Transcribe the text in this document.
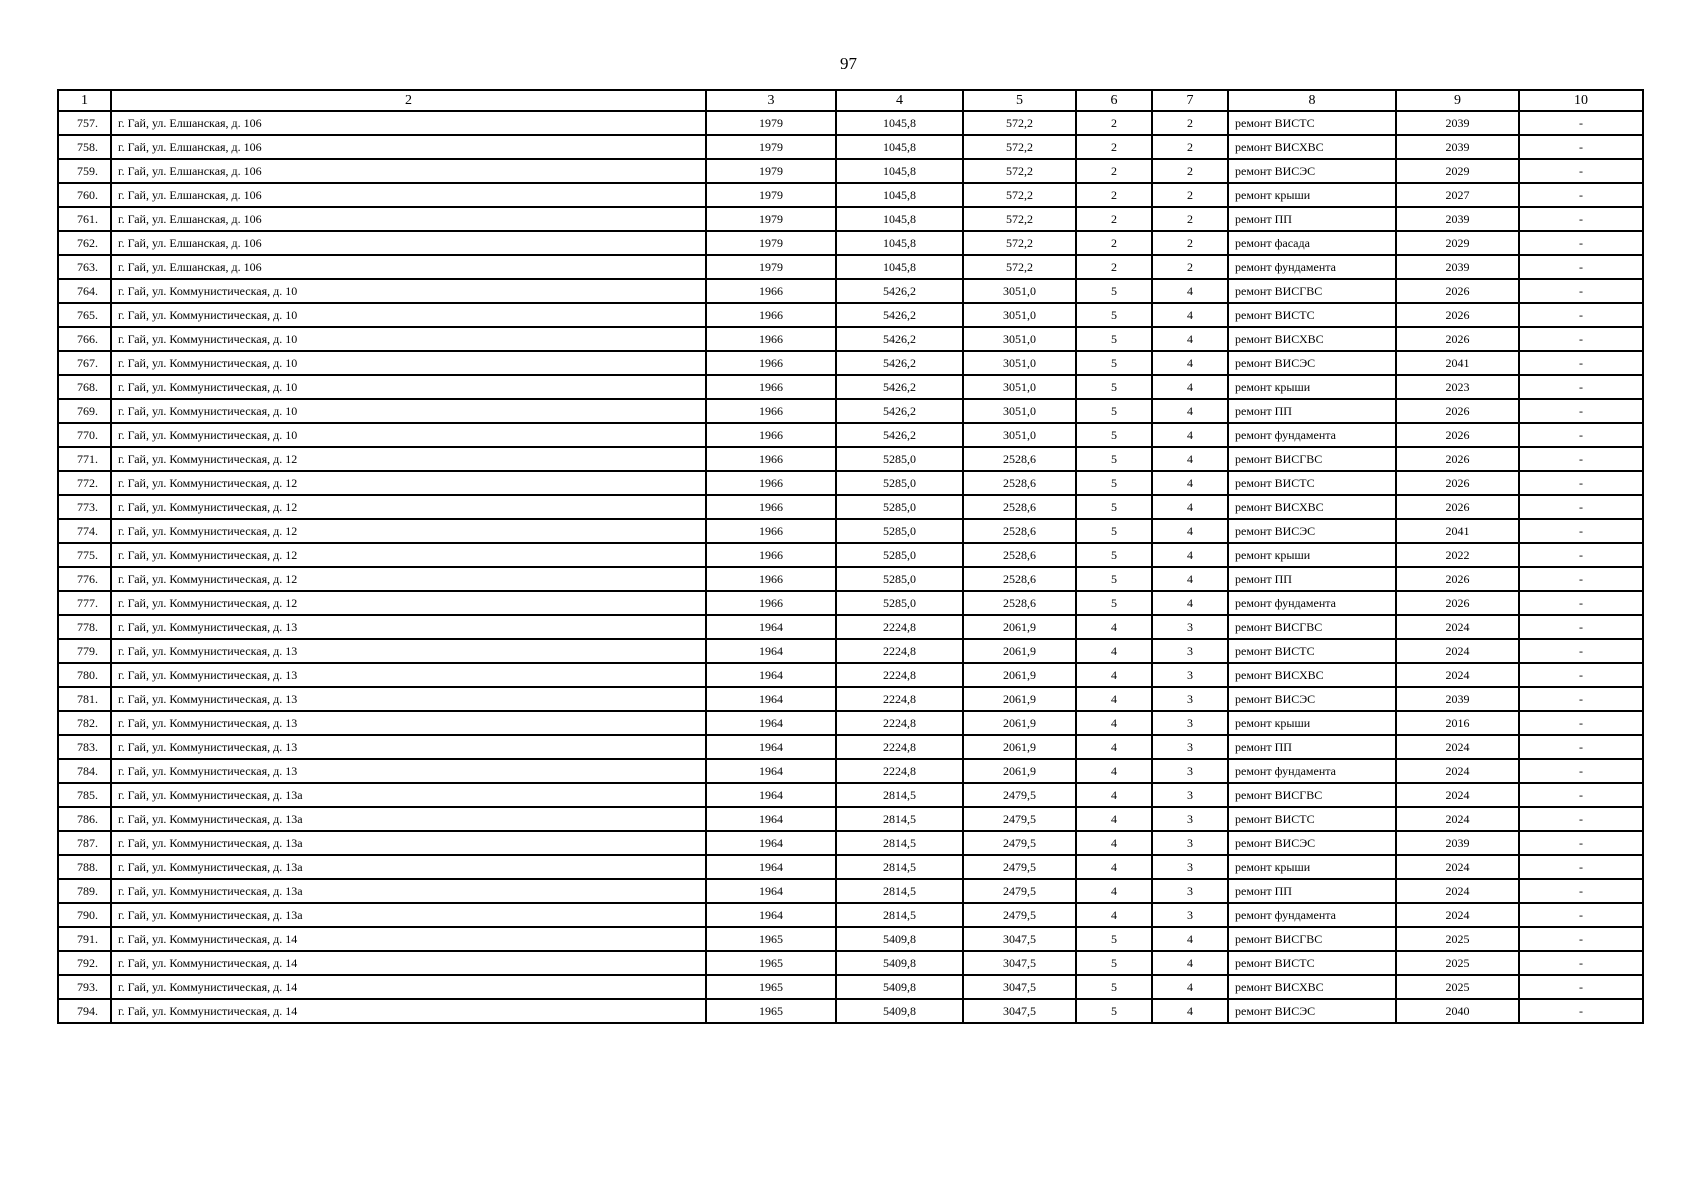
97
1	2	3	4	5	6	7	8	9	10
757.	г. Гай, ул. Елшанская, д. 106	1979	1045,8	572,2	2	2	ремонт ВИСТС	2039	-
758.	г. Гай, ул. Елшанская, д. 106	1979	1045,8	572,2	2	2	ремонт ВИСХВС	2039	-
759.	г. Гай, ул. Елшанская, д. 106	1979	1045,8	572,2	2	2	ремонт ВИСЭС	2029	-
760.	г. Гай, ул. Елшанская, д. 106	1979	1045,8	572,2	2	2	ремонт крыши	2027	-
761.	г. Гай, ул. Елшанская, д. 106	1979	1045,8	572,2	2	2	ремонт ПП	2039	-
762.	г. Гай, ул. Елшанская, д. 106	1979	1045,8	572,2	2	2	ремонт фасада	2029	-
763.	г. Гай, ул. Елшанская, д. 106	1979	1045,8	572,2	2	2	ремонт фундамента	2039	-
764.	г. Гай, ул. Коммунистическая, д. 10	1966	5426,2	3051,0	5	4	ремонт ВИСГВС	2026	-
765.	г. Гай, ул. Коммунистическая, д. 10	1966	5426,2	3051,0	5	4	ремонт ВИСТС	2026	-
766.	г. Гай, ул. Коммунистическая, д. 10	1966	5426,2	3051,0	5	4	ремонт ВИСХВС	2026	-
767.	г. Гай, ул. Коммунистическая, д. 10	1966	5426,2	3051,0	5	4	ремонт ВИСЭС	2041	-
768.	г. Гай, ул. Коммунистическая, д. 10	1966	5426,2	3051,0	5	4	ремонт крыши	2023	-
769.	г. Гай, ул. Коммунистическая, д. 10	1966	5426,2	3051,0	5	4	ремонт ПП	2026	-
770.	г. Гай, ул. Коммунистическая, д. 10	1966	5426,2	3051,0	5	4	ремонт фундамента	2026	-
771.	г. Гай, ул. Коммунистическая, д. 12	1966	5285,0	2528,6	5	4	ремонт ВИСГВС	2026	-
772.	г. Гай, ул. Коммунистическая, д. 12	1966	5285,0	2528,6	5	4	ремонт ВИСТС	2026	-
773.	г. Гай, ул. Коммунистическая, д. 12	1966	5285,0	2528,6	5	4	ремонт ВИСХВС	2026	-
774.	г. Гай, ул. Коммунистическая, д. 12	1966	5285,0	2528,6	5	4	ремонт ВИСЭС	2041	-
775.	г. Гай, ул. Коммунистическая, д. 12	1966	5285,0	2528,6	5	4	ремонт крыши	2022	-
776.	г. Гай, ул. Коммунистическая, д. 12	1966	5285,0	2528,6	5	4	ремонт ПП	2026	-
777.	г. Гай, ул. Коммунистическая, д. 12	1966	5285,0	2528,6	5	4	ремонт фундамента	2026	-
778.	г. Гай, ул. Коммунистическая, д. 13	1964	2224,8	2061,9	4	3	ремонт ВИСГВС	2024	-
779.	г. Гай, ул. Коммунистическая, д. 13	1964	2224,8	2061,9	4	3	ремонт ВИСТС	2024	-
780.	г. Гай, ул. Коммунистическая, д. 13	1964	2224,8	2061,9	4	3	ремонт ВИСХВС	2024	-
781.	г. Гай, ул. Коммунистическая, д. 13	1964	2224,8	2061,9	4	3	ремонт ВИСЭС	2039	-
782.	г. Гай, ул. Коммунистическая, д. 13	1964	2224,8	2061,9	4	3	ремонт крыши	2016	-
783.	г. Гай, ул. Коммунистическая, д. 13	1964	2224,8	2061,9	4	3	ремонт ПП	2024	-
784.	г. Гай, ул. Коммунистическая, д. 13	1964	2224,8	2061,9	4	3	ремонт фундамента	2024	-
785.	г. Гай, ул. Коммунистическая, д. 13а	1964	2814,5	2479,5	4	3	ремонт ВИСГВС	2024	-
786.	г. Гай, ул. Коммунистическая, д. 13а	1964	2814,5	2479,5	4	3	ремонт ВИСТС	2024	-
787.	г. Гай, ул. Коммунистическая, д. 13а	1964	2814,5	2479,5	4	3	ремонт ВИСЭС	2039	-
788.	г. Гай, ул. Коммунистическая, д. 13а	1964	2814,5	2479,5	4	3	ремонт крыши	2024	-
789.	г. Гай, ул. Коммунистическая, д. 13а	1964	2814,5	2479,5	4	3	ремонт ПП	2024	-
790.	г. Гай, ул. Коммунистическая, д. 13а	1964	2814,5	2479,5	4	3	ремонт фундамента	2024	-
791.	г. Гай, ул. Коммунистическая, д. 14	1965	5409,8	3047,5	5	4	ремонт ВИСГВС	2025	-
792.	г. Гай, ул. Коммунистическая, д. 14	1965	5409,8	3047,5	5	4	ремонт ВИСТС	2025	-
793.	г. Гай, ул. Коммунистическая, д. 14	1965	5409,8	3047,5	5	4	ремонт ВИСХВС	2025	-
794.	г. Гай, ул. Коммунистическая, д. 14	1965	5409,8	3047,5	5	4	ремонт ВИСЭС	2040	-
